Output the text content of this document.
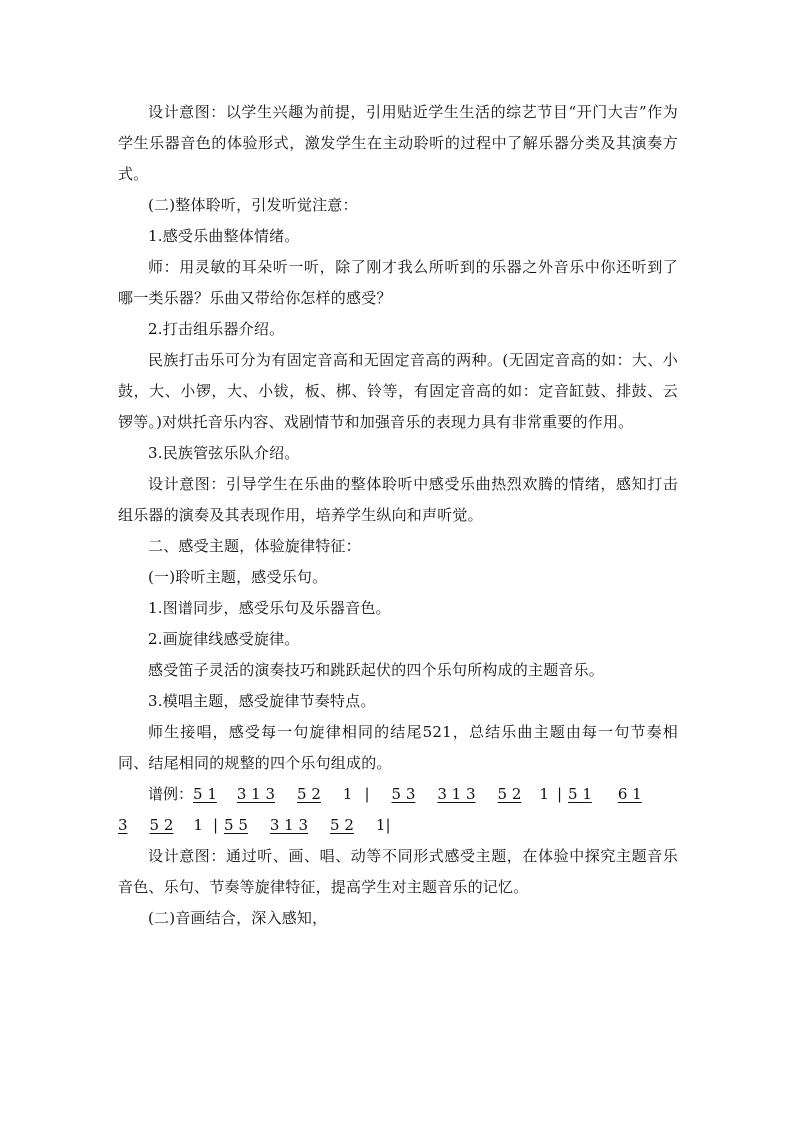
设计意图：以学生兴趣为前提，引用贴近学生生活的综艺节目“开门大吉”作为学生乐器音色的体验形式，激发学生在主动聆听的过程中了解乐器分类及其演奏方式。

(二)整体聆听，引发听觉注意：

1.感受乐曲整体情绪。

师：用灵敏的耳朵听一听，除了刚才我么所听到的乐器之外音乐中你还听到了哪一类乐器？乐曲又带给你怎样的感受？

2.打击组乐器介绍。

民族打击乐可分为有固定音高和无固定音高的两种。(无固定音高的如：大、小鼓，大、小锣，大、小钹，板、梆、铃等，有固定音高的如：定音缸鼓、排鼓、云锣等。)对烘托音乐内容、戏剧情节和加强音乐的表现力具有非常重要的作用。

3.民族管弦乐队介绍。

设计意图：引导学生在乐曲的整体聆听中感受乐曲热烈欢腾的情绪，感知打击组乐器的演奏及其表现作用，培养学生纵向和声听觉。

二、感受主题，体验旋律特征：

(一)聆听主题，感受乐句。

1.图谱同步，感受乐句及乐器音色。

2.画旋律线感受旋律。

感受笛子灵活的演奏技巧和跳跃起伏的四个乐句所构成的主题音乐。

3.模唱主题，感受旋律节奏特点。

师生接唱，感受每一句旋律相同的结尾521，总结乐曲主题由每一句节奏相同、结尾相同的规整的四个乐句组成的。

谱例：5 1 3 1 3 5 2 1 | 5 3 3 1 3 5 2 1 | 5 1 6 1

3 5 2 1 | 5 5 3 1 3 5 2 1|

设计意图：通过听、画、唱、动等不同形式感受主题，在体验中探究主题音乐音色、乐句、节奏等旋律特征，提高学生对主题音乐的记忆。

(二)音画结合，深入感知，
